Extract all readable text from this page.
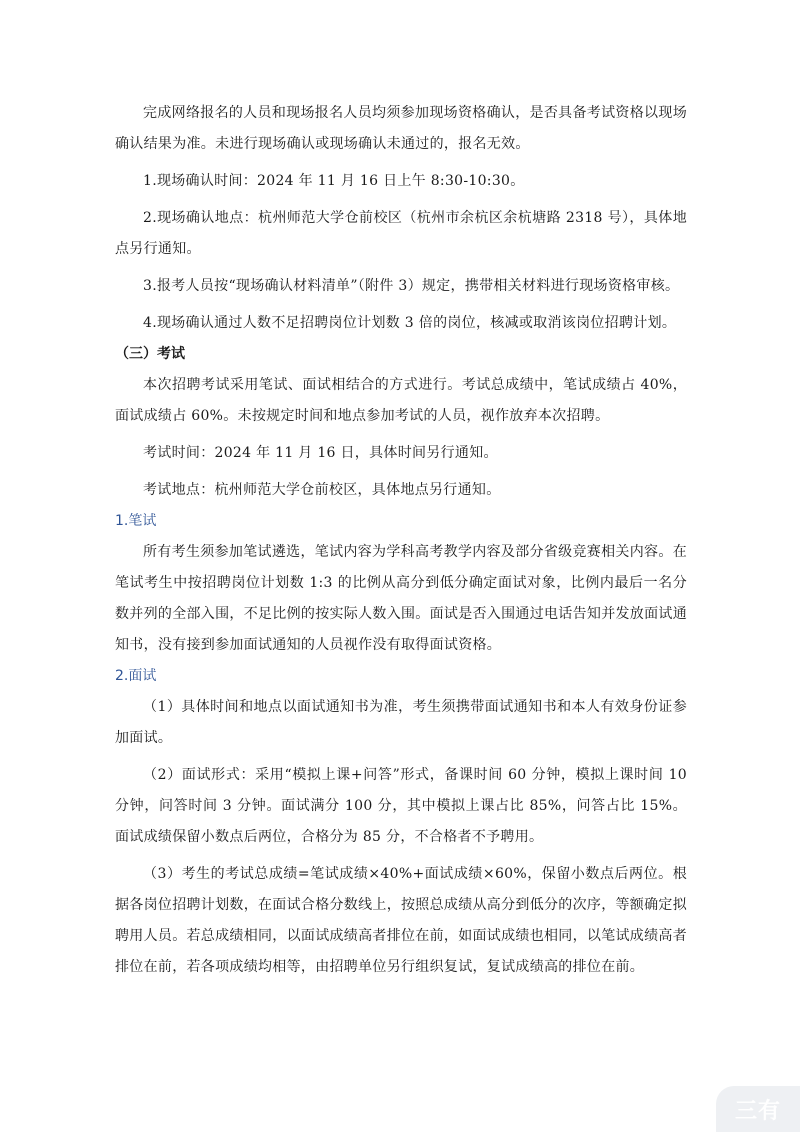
完成网络报名的人员和现场报名人员均须参加现场资格确认，是否具备考试资格以现场确认结果为准。未进行现场确认或现场确认未通过的，报名无效。

1.现场确认时间：2024 年 11 月 16 日上午 8:30-10:30。

2.现场确认地点：杭州师范大学仓前校区（杭州市余杭区余杭塘路 2318 号），具体地点另行通知。

3.报考人员按“现场确认材料清单”（附件 3）规定，携带相关材料进行现场资格审核。

4.现场确认通过人数不足招聘岗位计划数 3 倍的岗位，核减或取消该岗位招聘计划。

（三）考试

本次招聘考试采用笔试、面试相结合的方式进行。考试总成绩中，笔试成绩占 40%，面试成绩占 60%。未按规定时间和地点参加考试的人员，视作放弃本次招聘。

考试时间：2024 年 11 月 16 日，具体时间另行通知。

考试地点：杭州师范大学仓前校区，具体地点另行通知。

1.笔试

所有考生须参加笔试遴选，笔试内容为学科高考教学内容及部分省级竞赛相关内容。在笔试考生中按招聘岗位计划数 1:3 的比例从高分到低分确定面试对象，比例内最后一名分数并列的全部入围，不足比例的按实际人数入围。面试是否入围通过电话告知并发放面试通知书，没有接到参加面试通知的人员视作没有取得面试资格。

2.面试

（1）具体时间和地点以面试通知书为准，考生须携带面试通知书和本人有效身份证参加面试。

（2）面试形式：采用“模拟上课+问答”形式，备课时间 60 分钟，模拟上课时间 10 分钟，问答时间 3 分钟。面试满分 100 分，其中模拟上课占比 85%，问答占比 15%。面试成绩保留小数点后两位，合格分为 85 分，不合格者不予聘用。

（3）考生的考试总成绩=笔试成绩×40%+面试成绩×60%，保留小数点后两位。根据各岗位招聘计划数，在面试合格分数线上，按照总成绩从高分到低分的次序，等额确定拟聘用人员。若总成绩相同，以面试成绩高者排位在前，如面试成绩也相同，以笔试成绩高者排位在前，若各项成绩均相等，由招聘单位另行组织复试，复试成绩高的排位在前。

三有
